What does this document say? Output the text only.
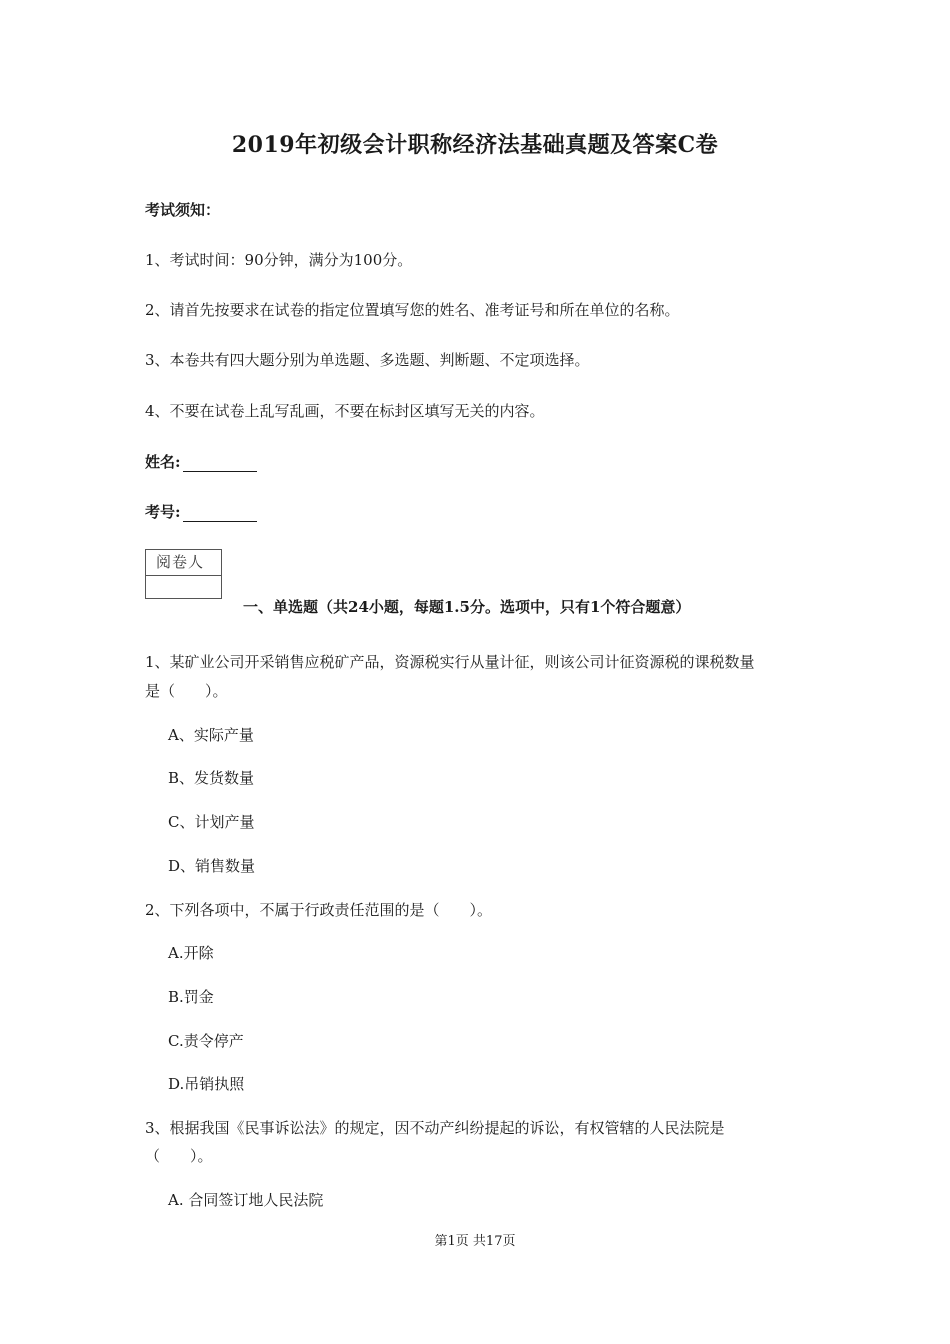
2019年初级会计职称经济法基础真题及答案C卷
考试须知：
1、考试时间：90分钟，满分为100分。
2、请首先按要求在试卷的指定位置填写您的姓名、准考证号和所在单位的名称。
3、本卷共有四大题分别为单选题、多选题、判断题、不定项选择。
4、不要在试卷上乱写乱画，不要在标封区填写无关的内容。
姓名:
考号:
阅卷人
一、单选题（共24小题，每题1.5分。选项中，只有1个符合题意）
1、某矿业公司开采销售应税矿产品，资源税实行从量计征，则该公司计征资源税的课税数量
是（　　）。
A、实际产量
B、发货数量
C、计划产量
D、销售数量
2、下列各项中，不属于行政责任范围的是（　　）。
A.开除
B.罚金
C.责令停产
D.吊销执照
3、根据我国《民事诉讼法》的规定，因不动产纠纷提起的诉讼，有权管辖的人民法院是
（　　）。
A. 合同签订地人民法院
第1页 共17页
